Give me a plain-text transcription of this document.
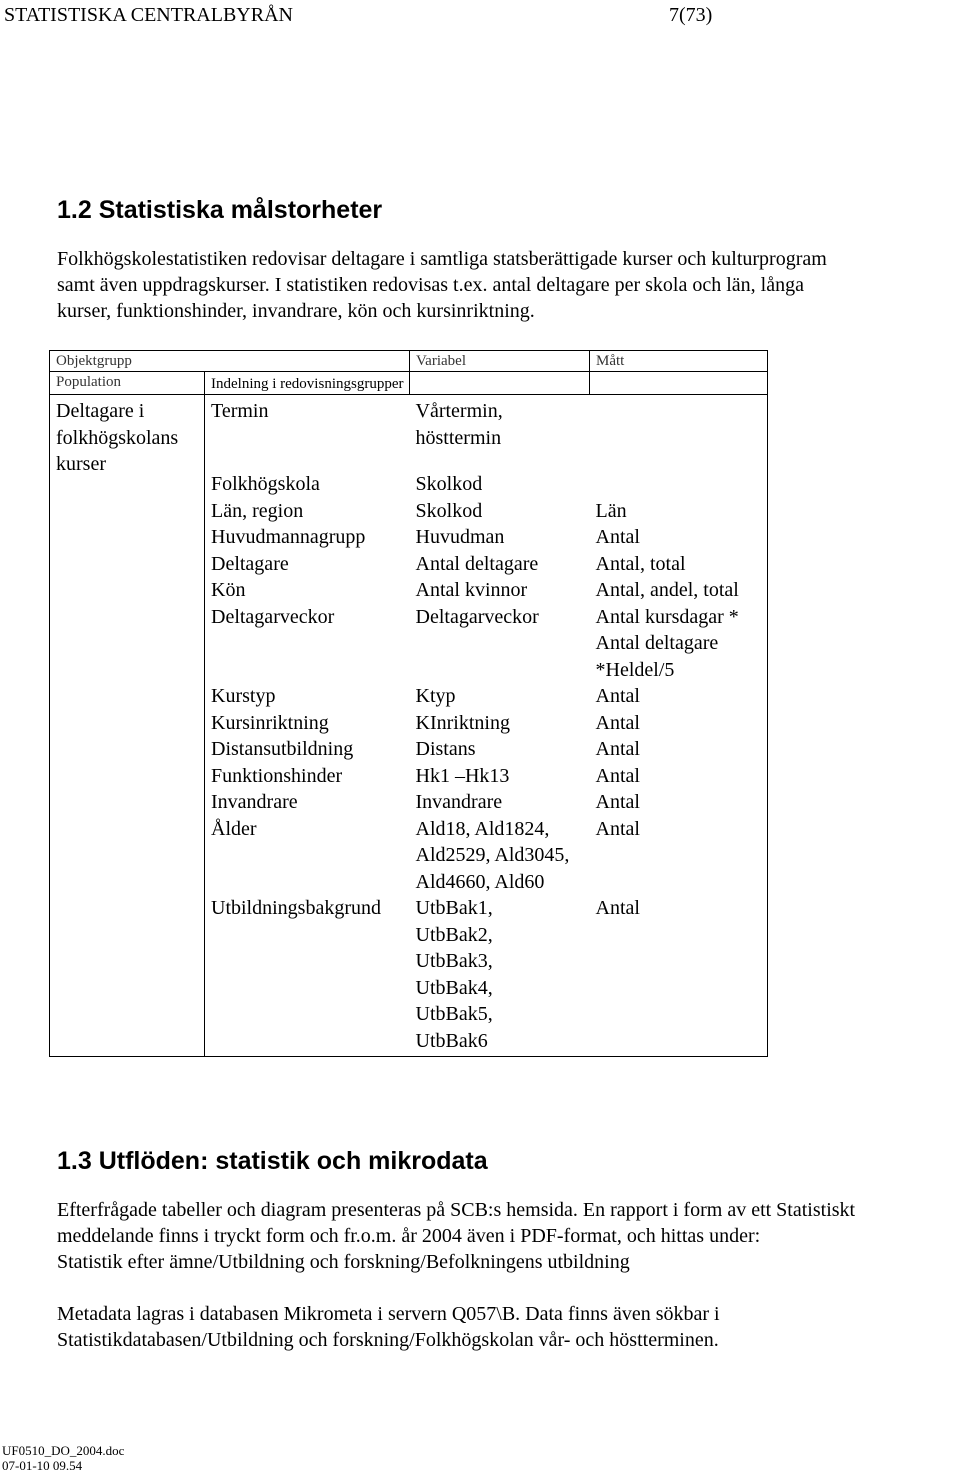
STATISTISKA CENTRALBYRÅN	7(73)
1.2 Statistiska målstorheter
Folkhögskolestatistiken redovisar deltagare i samtliga statsberättigade kurser och kulturprogram
samt även uppdragskurser. I statistiken redovisas t.ex. antal deltagare per skola och län, långa
kurser, funktionshinder, invandrare, kön och kursinriktning.
Objektgrupp		Variabel	Mått
Population	Indelning i redovisningsgrupper		
Deltagare i folkhögskolans kurser	Termin	Vårtermin, hösttermin	
	Folkhögskola	Skolkod	
	Län, region	Skolkod	Län
	Huvudmannagrupp	Huvudman	Antal
	Deltagare	Antal deltagare	Antal, total
	Kön	Antal kvinnor	Antal, andel, total
	Deltagarveckor	Deltagarveckor	Antal kursdagar * Antal deltagare *Heldel/5
	Kurstyp	Ktyp	Antal
	Kursinriktning	KInriktning	Antal
	Distansutbildning	Distans	Antal
	Funktionshinder	Hk1 –Hk13	Antal
	Invandrare	Invandrare	Antal
	Ålder	Ald18, Ald1824, Ald2529, Ald3045, Ald4660, Ald60	Antal
	Utbildningsbakgrund	UtbBak1, UtbBak2, UtbBak3, UtbBak4, UtbBak5, UtbBak6	Antal
1.3 Utflöden: statistik och mikrodata
Efterfrågade tabeller och diagram presenteras på SCB:s hemsida. En rapport i form av ett Statistiskt
meddelande finns i tryckt form och fr.o.m. år 2004 även i PDF-format, och hittas under:
Statistik efter ämne/Utbildning och forskning/Befolkningens utbildning
Metadata lagras i databasen Mikrometa i servern Q057\B. Data finns även sökbar i
Statistikdatabasen/Utbildning och forskning/Folkhögskolan vår- och höstterminen.
UF0510_DO_2004.doc
07-01-10 09.54
